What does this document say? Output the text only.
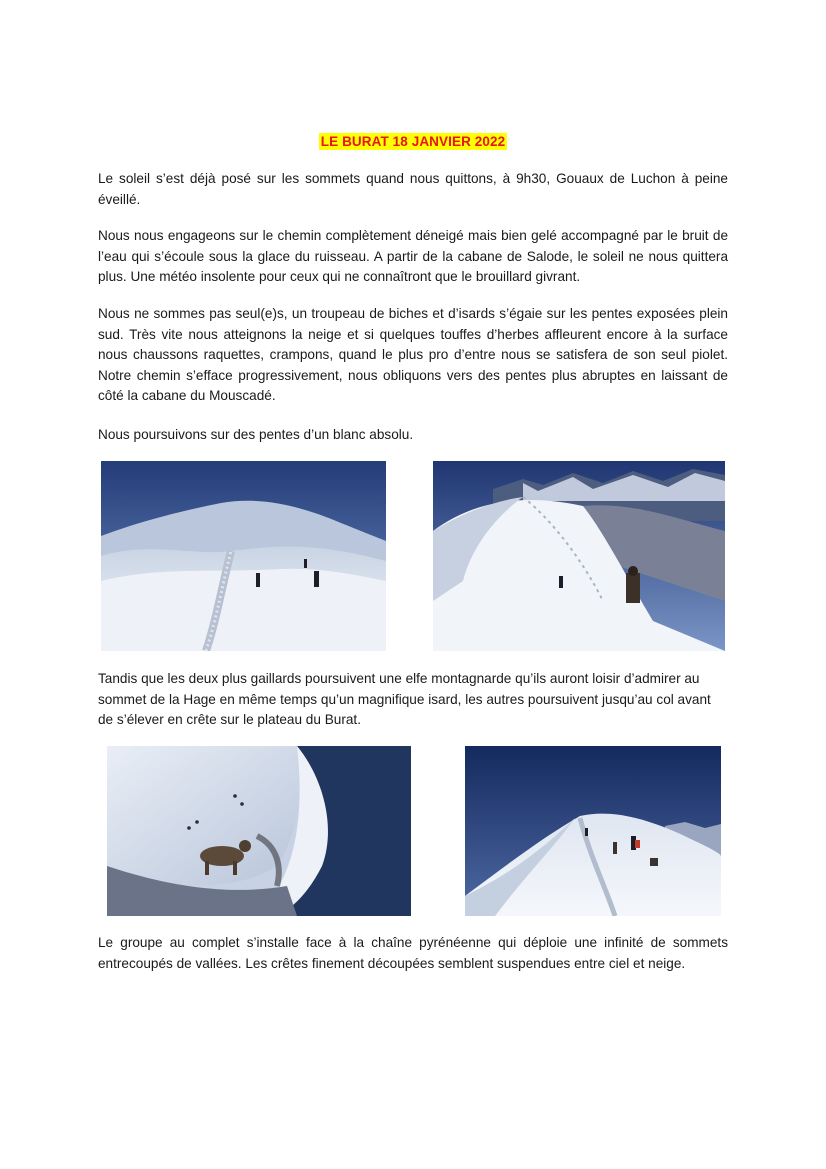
LE BURAT 18 JANVIER 2022

Le soleil s’est déjà posé sur les sommets quand nous quittons, à 9h30, Gouaux de Luchon à peine éveillé.

Nous nous engageons sur le chemin complètement déneigé mais bien gelé accompagné par le bruit de l’eau qui s’écoule sous la glace du ruisseau. A partir de la cabane de Salode, le soleil ne nous quittera plus. Une météo insolente pour ceux qui ne connaîtront que le brouillard givrant.

Nous ne sommes pas seul(e)s, un troupeau de biches et d’isards s’égaie sur les pentes exposées plein sud. Très vite nous atteignons la neige et si quelques touffes d’herbes affleurent encore à la surface nous chaussons raquettes, crampons, quand le plus pro d’entre nous se satisfera de son seul piolet. Notre chemin s’efface progressivement, nous obliquons vers des pentes plus abruptes en laissant de côté la cabane du Mouscadé.

Nous poursuivons sur des pentes d’un blanc absolu.

Tandis que les deux plus gaillards poursuivent une elfe montagnarde qu’ils auront loisir d’admirer au sommet de la Hage en même temps qu’un magnifique isard, les autres poursuivent jusqu’au col avant de s’élever en crête sur le plateau du Burat.

Le groupe au complet s’installe face à la chaîne pyrénéenne qui déploie une infinité de sommets entrecoupés de vallées. Les crêtes finement découpées semblent suspendues entre ciel et neige.
